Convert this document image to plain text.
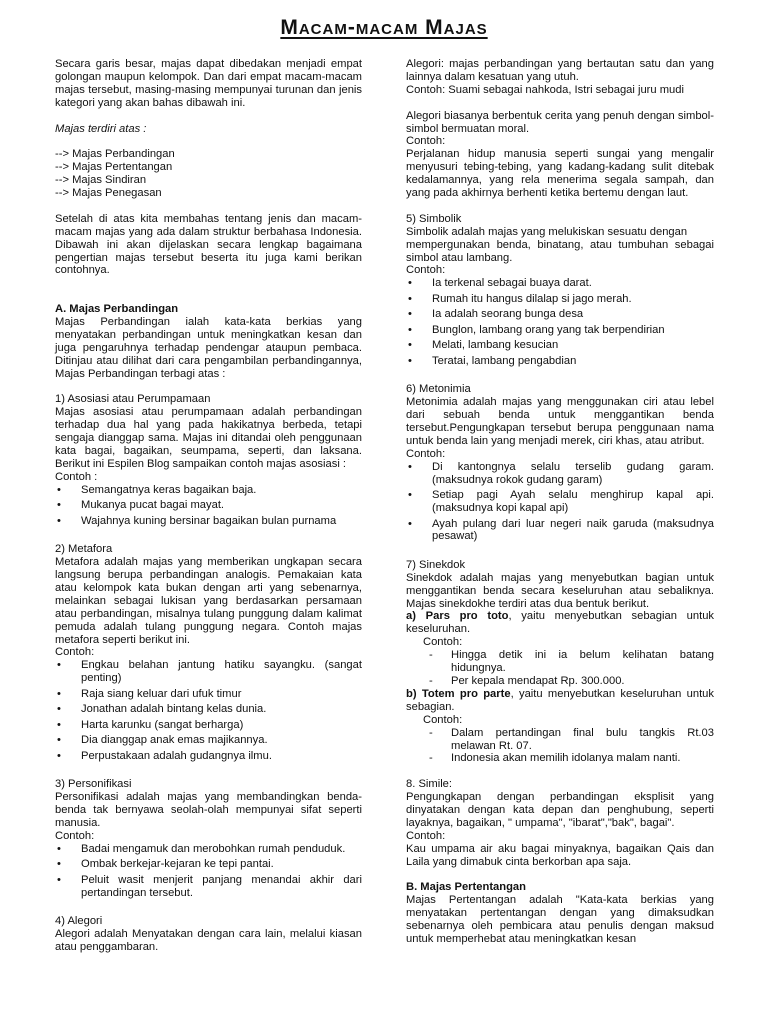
Macam-macam Majas

Secara garis besar, majas dapat dibedakan menjadi empat golongan maupun kelompok. Dan dari empat macam-macam majas tersebut, masing-masing mempunyai turunan dan jenis kategori yang akan bahas dibawah ini.

Majas terdiri atas :

--> Majas Perbandingan
--> Majas Pertentangan
--> Majas Sindiran
--> Majas Penegasan

Setelah di atas kita membahas tentang jenis dan macam-macam majas yang ada dalam struktur berbahasa Indonesia. Dibawah ini akan dijelaskan secara lengkap bagaimana pengertian majas tersebut beserta itu juga kami berikan contohnya.

A. Majas Perbandingan

Majas Perbandingan ialah kata-kata berkias yang menyatakan perbandingan untuk meningkatkan kesan dan juga pengaruhnya terhadap pendengar ataupun pembaca. Ditinjau atau dilihat dari cara pengambilan perbandingannya, Majas Perbandingan terbagi atas :

1) Asosiasi atau Perumpamaan

Majas asosiasi atau perumpamaan adalah perbandingan terhadap dua hal yang pada hakikatnya berbeda, tetapi sengaja dianggap sama. Majas ini ditandai oleh penggunaan kata bagai, bagaikan, seumpama, seperti, dan laksana. Berikut ini Espilen Blog sampaikan contoh majas asosiasi :

Contoh :

• Semangatnya keras bagaikan baja.
• Mukanya pucat bagai mayat.
• Wajahnya kuning bersinar bagaikan bulan purnama

2) Metafora

Metafora adalah majas yang memberikan ungkapan secara langsung berupa perbandingan analogis. Pemakaian kata atau kelompok kata bukan dengan arti yang sebenarnya, melainkan sebagai lukisan yang berdasarkan persamaan atau perbandingan, misalnya tulang punggung dalam kalimat pemuda adalah tulang punggung negara. Contoh majas metafora seperti berikut ini.

Contoh:

• Engkau belahan jantung hatiku sayangku. (sangat penting)
• Raja siang keluar dari ufuk timur
• Jonathan adalah bintang kelas dunia.
• Harta karunku (sangat berharga)
• Dia dianggap anak emas majikannya.
• Perpustakaan adalah gudangnya ilmu.

3) Personifikasi

Personifikasi adalah majas yang membandingkan benda-benda tak bernyawa seolah-olah mempunyai sifat seperti manusia.

Contoh:

• Badai mengamuk dan merobohkan rumah penduduk.
• Ombak berkejar-kejaran ke tepi pantai.
• Peluit wasit menjerit panjang menandai akhir dari pertandingan tersebut.

4) Alegori

Alegori adalah Menyatakan dengan cara lain, melalui kiasan atau penggambaran.

Alegori: majas perbandingan yang bertautan satu dan yang lainnya dalam kesatuan yang utuh.

Contoh: Suami sebagai nahkoda, Istri sebagai juru mudi

Alegori biasanya berbentuk cerita yang penuh dengan simbol-simbol bermuatan moral.

Contoh:

Perjalanan hidup manusia seperti sungai yang mengalir menyusuri tebing-tebing, yang kadang-kadang sulit ditebak kedalamannya, yang rela menerima segala sampah, dan yang pada akhirnya berhenti ketika bertemu dengan laut.

5) Simbolik

Simbolik adalah majas yang melukiskan sesuatu dengan

mempergunakan benda, binatang, atau tumbuhan sebagai simbol atau lambang.

Contoh:

• Ia terkenal sebagai buaya darat.
• Rumah itu hangus dilalap si jago merah.
• Ia adalah seorang bunga desa
• Bunglon, lambang orang yang tak berpendirian
• Melati, lambang kesucian
• Teratai, lambang pengabdian

6) Metonimia

Metonimia adalah majas yang menggunakan ciri atau lebel dari sebuah benda untuk menggantikan benda tersebut.Pengungkapan tersebut berupa penggunaan nama untuk benda lain yang menjadi merek, ciri khas, atau atribut.

Contoh:

• Di kantongnya selalu terselib gudang garam. (maksudnya rokok gudang garam)
• Setiap pagi Ayah selalu menghirup kapal api. (maksudnya kopi kapal api)
• Ayah pulang dari luar negeri naik garuda (maksudnya pesawat)

7) Sinekdok

Sinekdok adalah majas yang menyebutkan bagian untuk menggantikan benda secara keseluruhan atau sebaliknya. Majas sinekdokhe terdiri atas dua bentuk berikut.

a) Pars pro toto, yaitu menyebutkan sebagian untuk keseluruhan.

Contoh:

- Hingga detik ini ia belum kelihatan batang hidungnya.
- Per kepala mendapat Rp. 300.000.

b) Totem pro parte, yaitu menyebutkan keseluruhan untuk sebagian.

Contoh:

- Dalam pertandingan final bulu tangkis Rt.03 melawan Rt. 07.
- Indonesia akan memilih idolanya malam nanti.

8. Simile:

Pengungkapan dengan perbandingan eksplisit yang dinyatakan dengan kata depan dan penghubung, seperti layaknya, bagaikan, " umpama", "ibarat","bak", bagai".

Contoh:

Kau umpama air aku bagai minyaknya, bagaikan Qais dan Laila yang dimabuk cinta berkorban apa saja.

B. Majas Pertentangan

Majas Pertentangan adalah "Kata-kata berkias yang menyatakan pertentangan dengan yang dimaksudkan sebenarnya oleh pembicara atau penulis dengan maksud untuk memperhebat atau meningkatkan kesan
